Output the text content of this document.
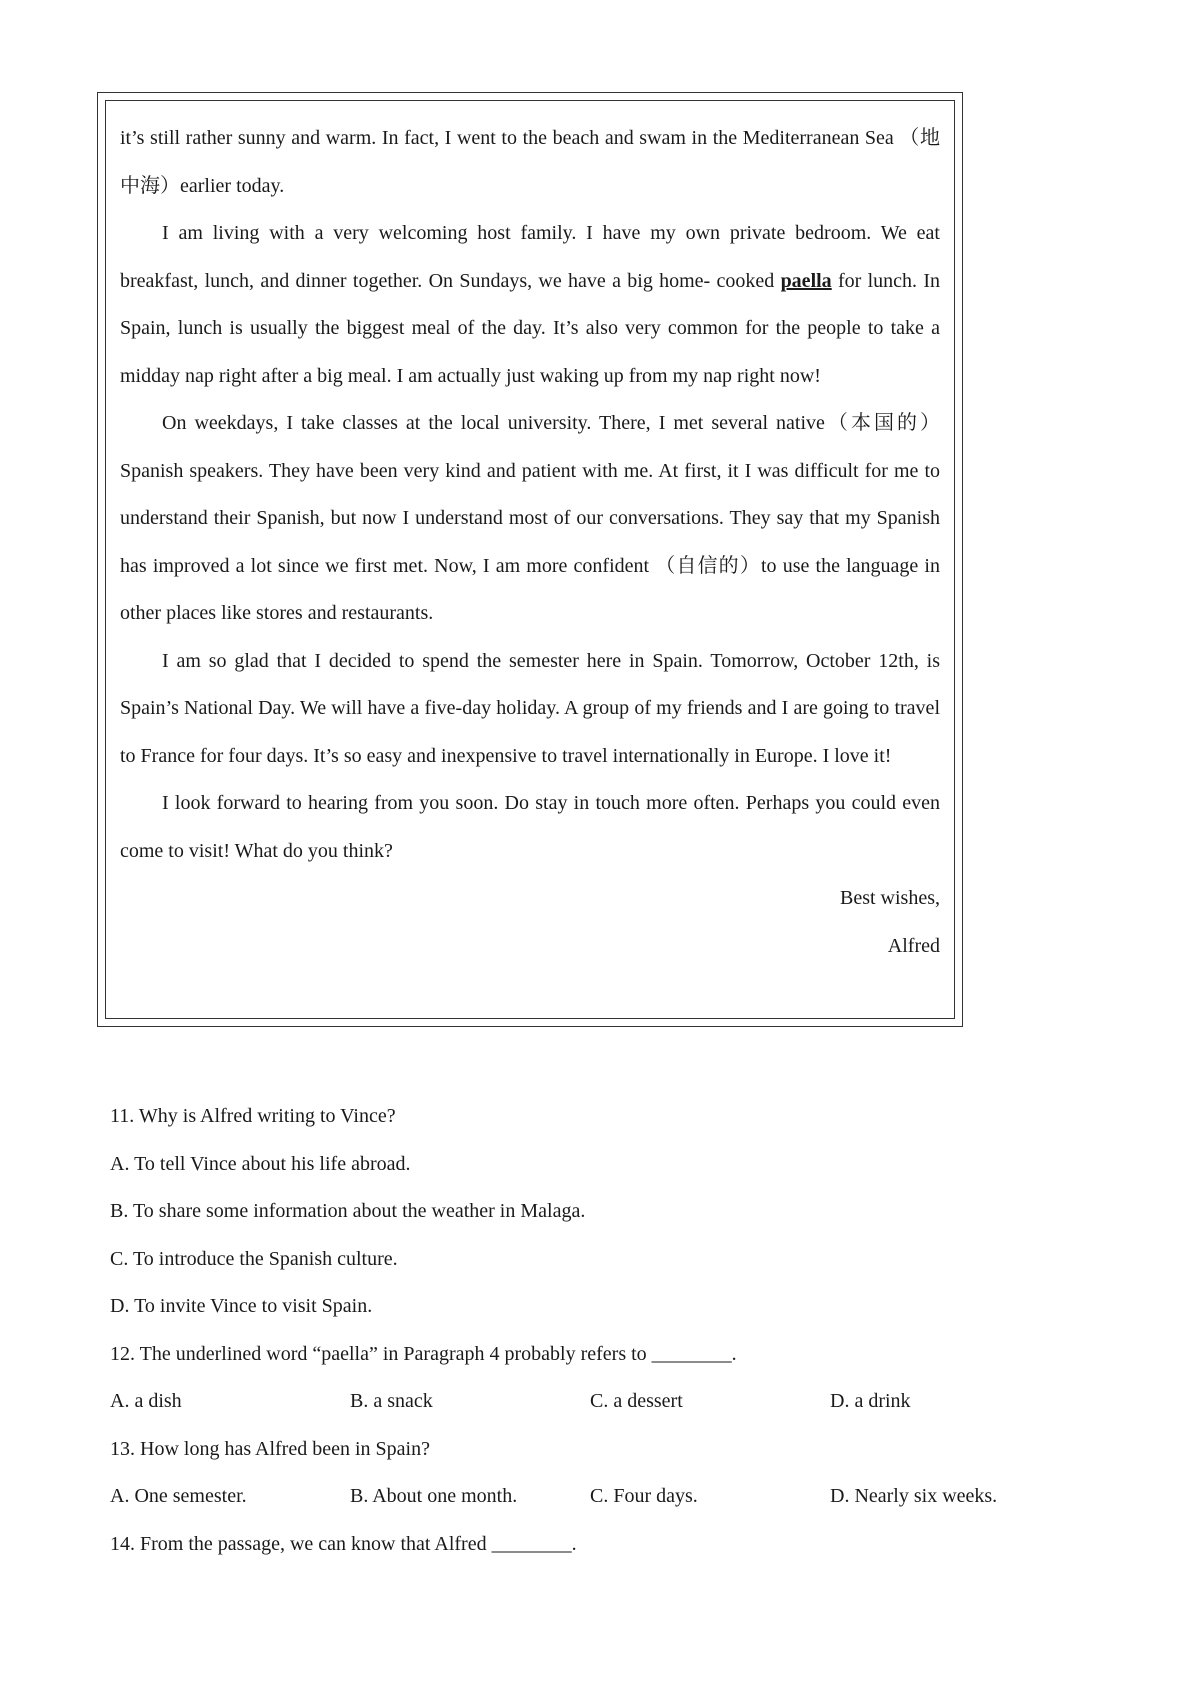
it’s still rather sunny and warm. In fact, I went to the beach and swam in the Mediterranean Sea （地中海）earlier today.

I am living with a very welcoming host family. I have my own private bedroom. We eat breakfast, lunch, and dinner together. On Sundays, we have a big home- cooked paella for lunch. In Spain, lunch is usually the biggest meal of the day. It’s also very common for the people to take a midday nap right after a big meal. I am actually just waking up from my nap right now!

On weekdays, I take classes at the local university. There, I met several native（本国的）Spanish speakers. They have been very kind and patient with me. At first, it I was difficult for me to understand their Spanish, but now I understand most of our conversations. They say that my Spanish has improved a lot since we first met. Now, I am more confident （自信的）to use the language in other places like stores and restaurants.

I am so glad that I decided to spend the semester here in Spain. Tomorrow, October 12th, is Spain’s National Day. We will have a five-day holiday. A group of my friends and I are going to travel to France for four days. It’s so easy and inexpensive to travel internationally in Europe. I love it!

I look forward to hearing from you soon. Do stay in touch more often. Perhaps you could even come to visit! What do you think?

Best wishes,

Alfred

11. Why is Alfred writing to Vince?

A. To tell Vince about his life abroad.

B. To share some information about the weather in Malaga.

C. To introduce the Spanish culture.

D. To invite Vince to visit Spain.

12. The underlined word “paella” in Paragraph 4 probably refers to ________.

A. a dish	B. a snack	C. a dessert	D. a drink

13. How long has Alfred been in Spain?

A. One semester.	B. About one month.	C. Four days.	D. Nearly six weeks.

14. From the passage, we can know that Alfred ________.
